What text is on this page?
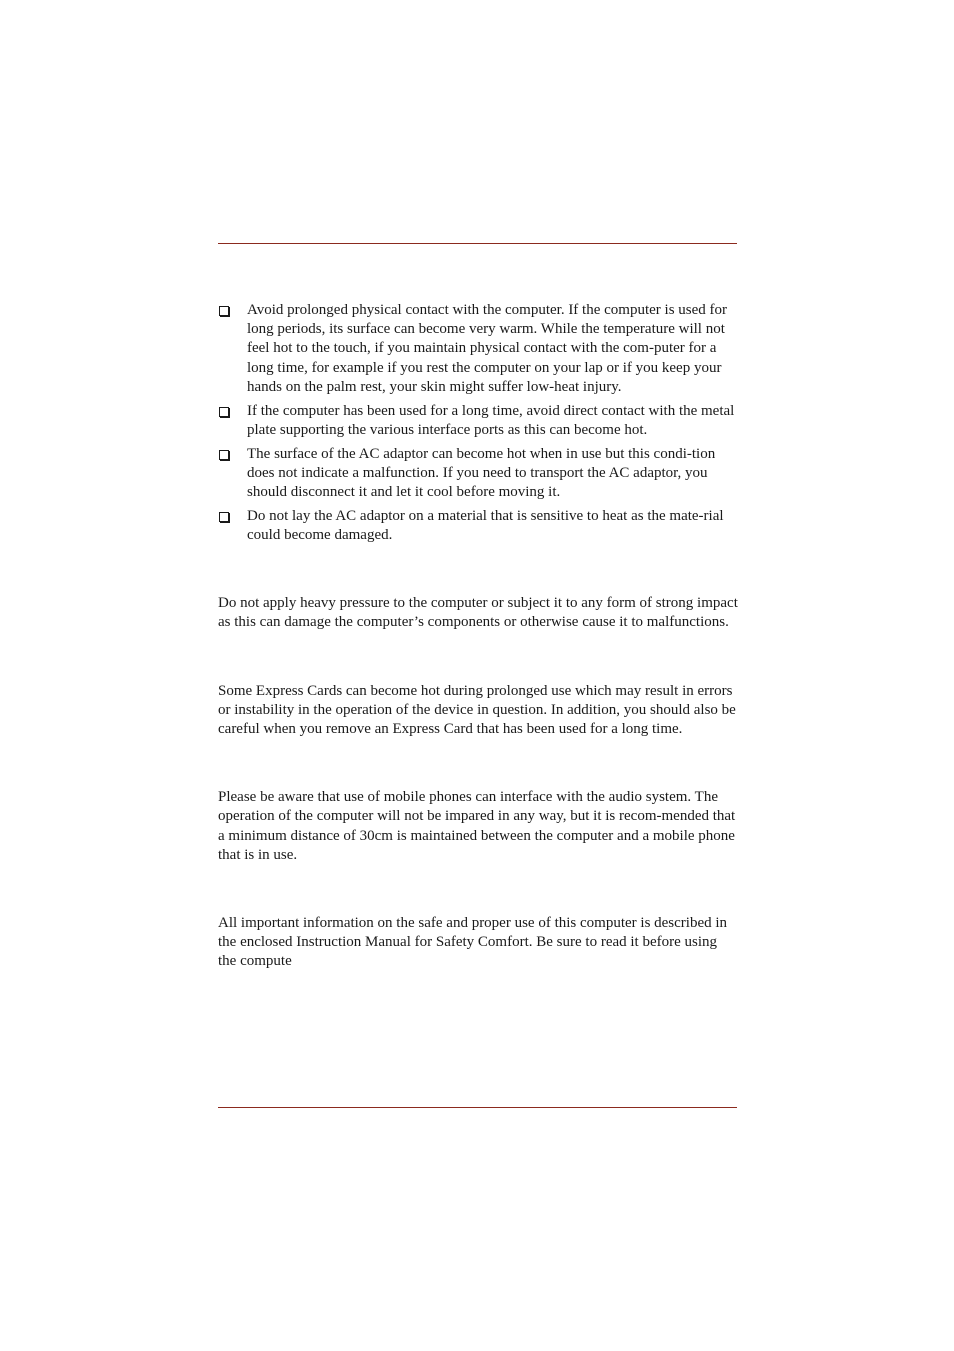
Avoid prolonged physical contact with the computer. If the computer is used for long periods, its surface can become very warm. While the temperature will not feel hot to the touch, if you maintain physical contact with the com-puter for a long time, for example if you rest the computer on your lap or if you keep your hands on the palm rest, your skin might suffer low-heat injury.
If the computer has been used for a long time, avoid direct contact with the metal plate supporting the various interface ports as this can become hot.
The surface of the AC adaptor can become hot when in use but this condi-tion does not indicate a malfunction. If you need to transport the AC adaptor, you should disconnect it and let it cool before moving it.
Do not lay the AC adaptor on a material that is sensitive to heat as the mate-rial could become damaged.

Do not apply heavy pressure to the computer or subject it to any form of strong impact as this can damage the computer’s components or otherwise cause it to malfunctions.

Some Express Cards can become hot during prolonged use which may result in errors or instability in the operation of the device in question. In addition, you should also be careful when you remove an Express Card that has been used for a long time.

Please be aware that use of mobile phones can interface with the audio system. The operation of the computer will not be impared in any way, but it is recom-mended that a minimum distance of 30cm is maintained between the computer and a mobile phone that is in use.

All important information on the safe and proper use of this computer is described in the enclosed Instruction Manual for Safety Comfort. Be sure to read it before using the compute
